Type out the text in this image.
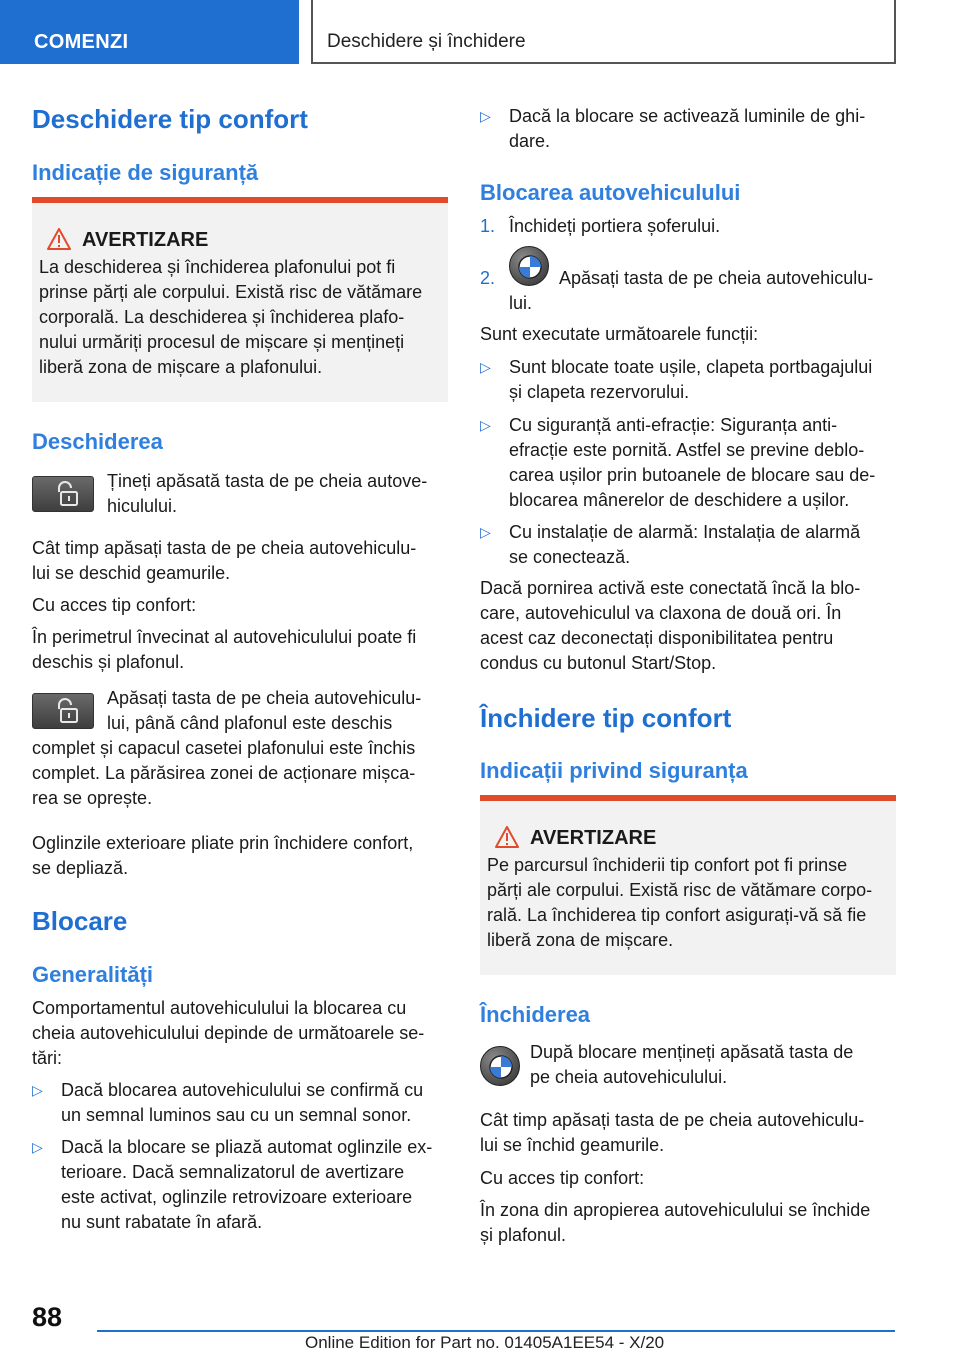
COMENZI	Deschidere și închidere
Deschidere tip confort
Indicație de siguranță
AVERTIZARE
La deschiderea și închiderea plafonului pot fi
prinse părți ale corpului. Există risc de vătămare
corporală. La deschiderea și închiderea plafo-
nului urmăriți procesul de mișcare și mențineți
liberă zona de mișcare a plafonului.
Deschiderea
Țineți apăsată tasta de pe cheia autove-
hiculului.
Cât timp apăsați tasta de pe cheia autovehiculu-
lui se deschid geamurile.
Cu acces tip confort:
În perimetrul învecinat al autovehiculului poate fi
deschis și plafonul.
Apăsați tasta de pe cheia autovehiculu-
lui, până când plafonul este deschis
complet și capacul casetei plafonului este închis
complet. La părăsirea zonei de acționare mișca-
rea se oprește.
Oglinzile exterioare pliate prin închidere confort,
se depliază.
Blocare
Generalități
Comportamentul autovehiculului la blocarea cu
cheia autovehiculului depinde de următoarele se-
tări:
▷ Dacă blocarea autovehiculului se confirmă cu
un semnal luminos sau cu un semnal sonor.
▷ Dacă la blocare se pliază automat oglinzile ex-
terioare. Dacă semnalizatorul de avertizare
este activat, oglinzile retrovizoare exterioare
nu sunt rabatate în afară.
▷ Dacă la blocare se activează luminile de ghi-
dare.
Blocarea autovehiculului
1. Închideți portiera șoferului.
2.	Apăsați tasta de pe cheia autovehiculu-
lui.
Sunt executate următoarele funcții:
▷ Sunt blocate toate ușile, clapeta portbagajului
și clapeta rezervorului.
▷ Cu siguranță anti-efracție: Siguranța anti-
efracție este pornită. Astfel se previne deblo-
carea ușilor prin butoanele de blocare sau de-
blocarea mânerelor de deschidere a ușilor.
▷ Cu instalație de alarmă: Instalația de alarmă
se conectează.
Dacă pornirea activă este conectată încă la blo-
care, autovehiculul va claxona de două ori. În
acest caz deconectați disponibilitatea pentru
condus cu butonul Start/Stop.
Închidere tip confort
Indicații privind siguranța
AVERTIZARE
Pe parcursul închiderii tip confort pot fi prinse
părți ale corpului. Există risc de vătămare corpo-
rală. La închiderea tip confort asigurați-vă să fie
liberă zona de mișcare.
Închiderea
După blocare mențineți apăsată tasta de
pe cheia autovehiculului.
Cât timp apăsați tasta de pe cheia autovehiculu-
lui se închid geamurile.
Cu acces tip confort:
În zona din apropierea autovehiculului se închide
și plafonul.
88
Online Edition for Part no. 01405A1EE54 - X/20
